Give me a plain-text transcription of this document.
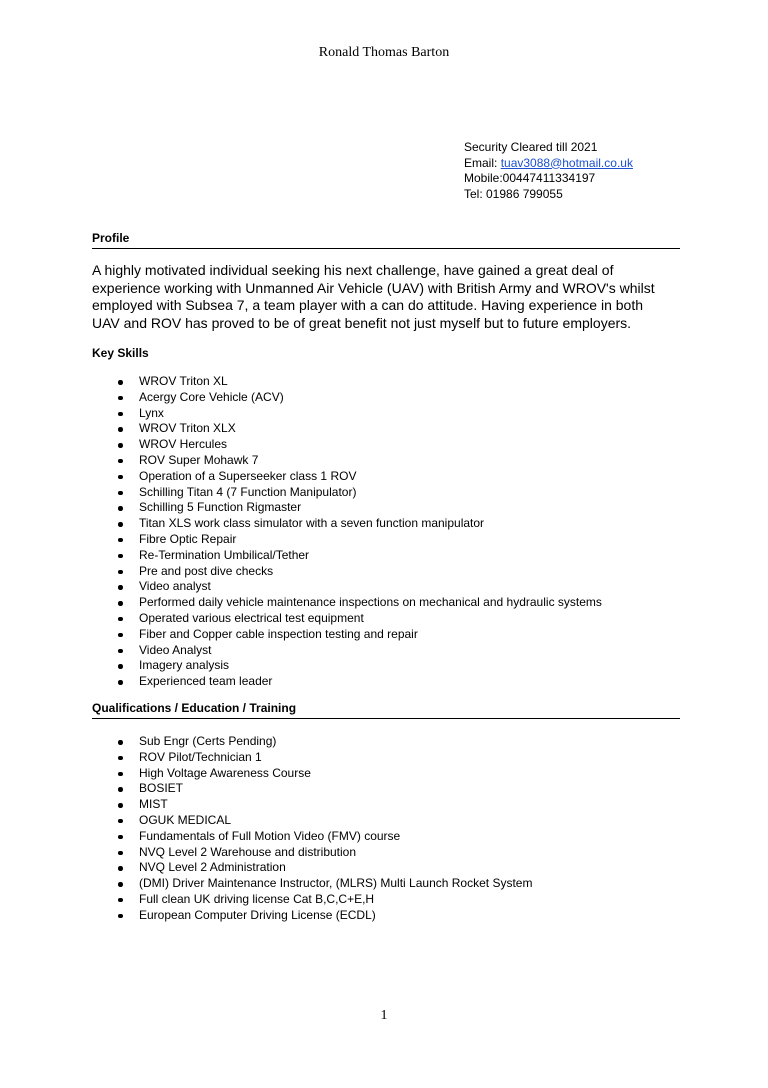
Ronald Thomas Barton
Security Cleared till 2021
Email: tuav3088@hotmail.co.uk
Mobile:00447411334197
Tel: 01986 799055
Profile
A highly motivated individual seeking his next challenge, have gained a great deal of experience working with Unmanned Air Vehicle (UAV) with British Army and WROV's whilst employed with Subsea 7, a team player with a can do attitude. Having experience in both UAV and ROV has proved to be of great benefit not just myself but to future employers.
Key Skills
WROV Triton XL
Acergy Core Vehicle (ACV)
Lynx
WROV Triton XLX
WROV Hercules
ROV Super Mohawk 7
Operation of a Superseeker class 1 ROV
Schilling Titan 4 (7 Function Manipulator)
Schilling 5 Function Rigmaster
Titan XLS work class simulator with a seven function manipulator
Fibre Optic Repair
Re-Termination Umbilical/Tether
Pre and post dive checks
Video analyst
Performed daily vehicle maintenance inspections on mechanical and hydraulic systems
Operated various electrical test equipment
Fiber and Copper cable inspection testing and repair
Video Analyst
Imagery analysis
Experienced team leader
Qualifications / Education / Training
Sub Engr (Certs Pending)
ROV Pilot/Technician 1
High Voltage Awareness Course
BOSIET
MIST
OGUK MEDICAL
Fundamentals of Full Motion Video (FMV) course
NVQ Level 2 Warehouse and distribution
NVQ Level 2 Administration
(DMI) Driver Maintenance Instructor, (MLRS) Multi Launch Rocket System
Full clean UK driving license Cat B,C,C+E,H
European Computer Driving License (ECDL)
1
